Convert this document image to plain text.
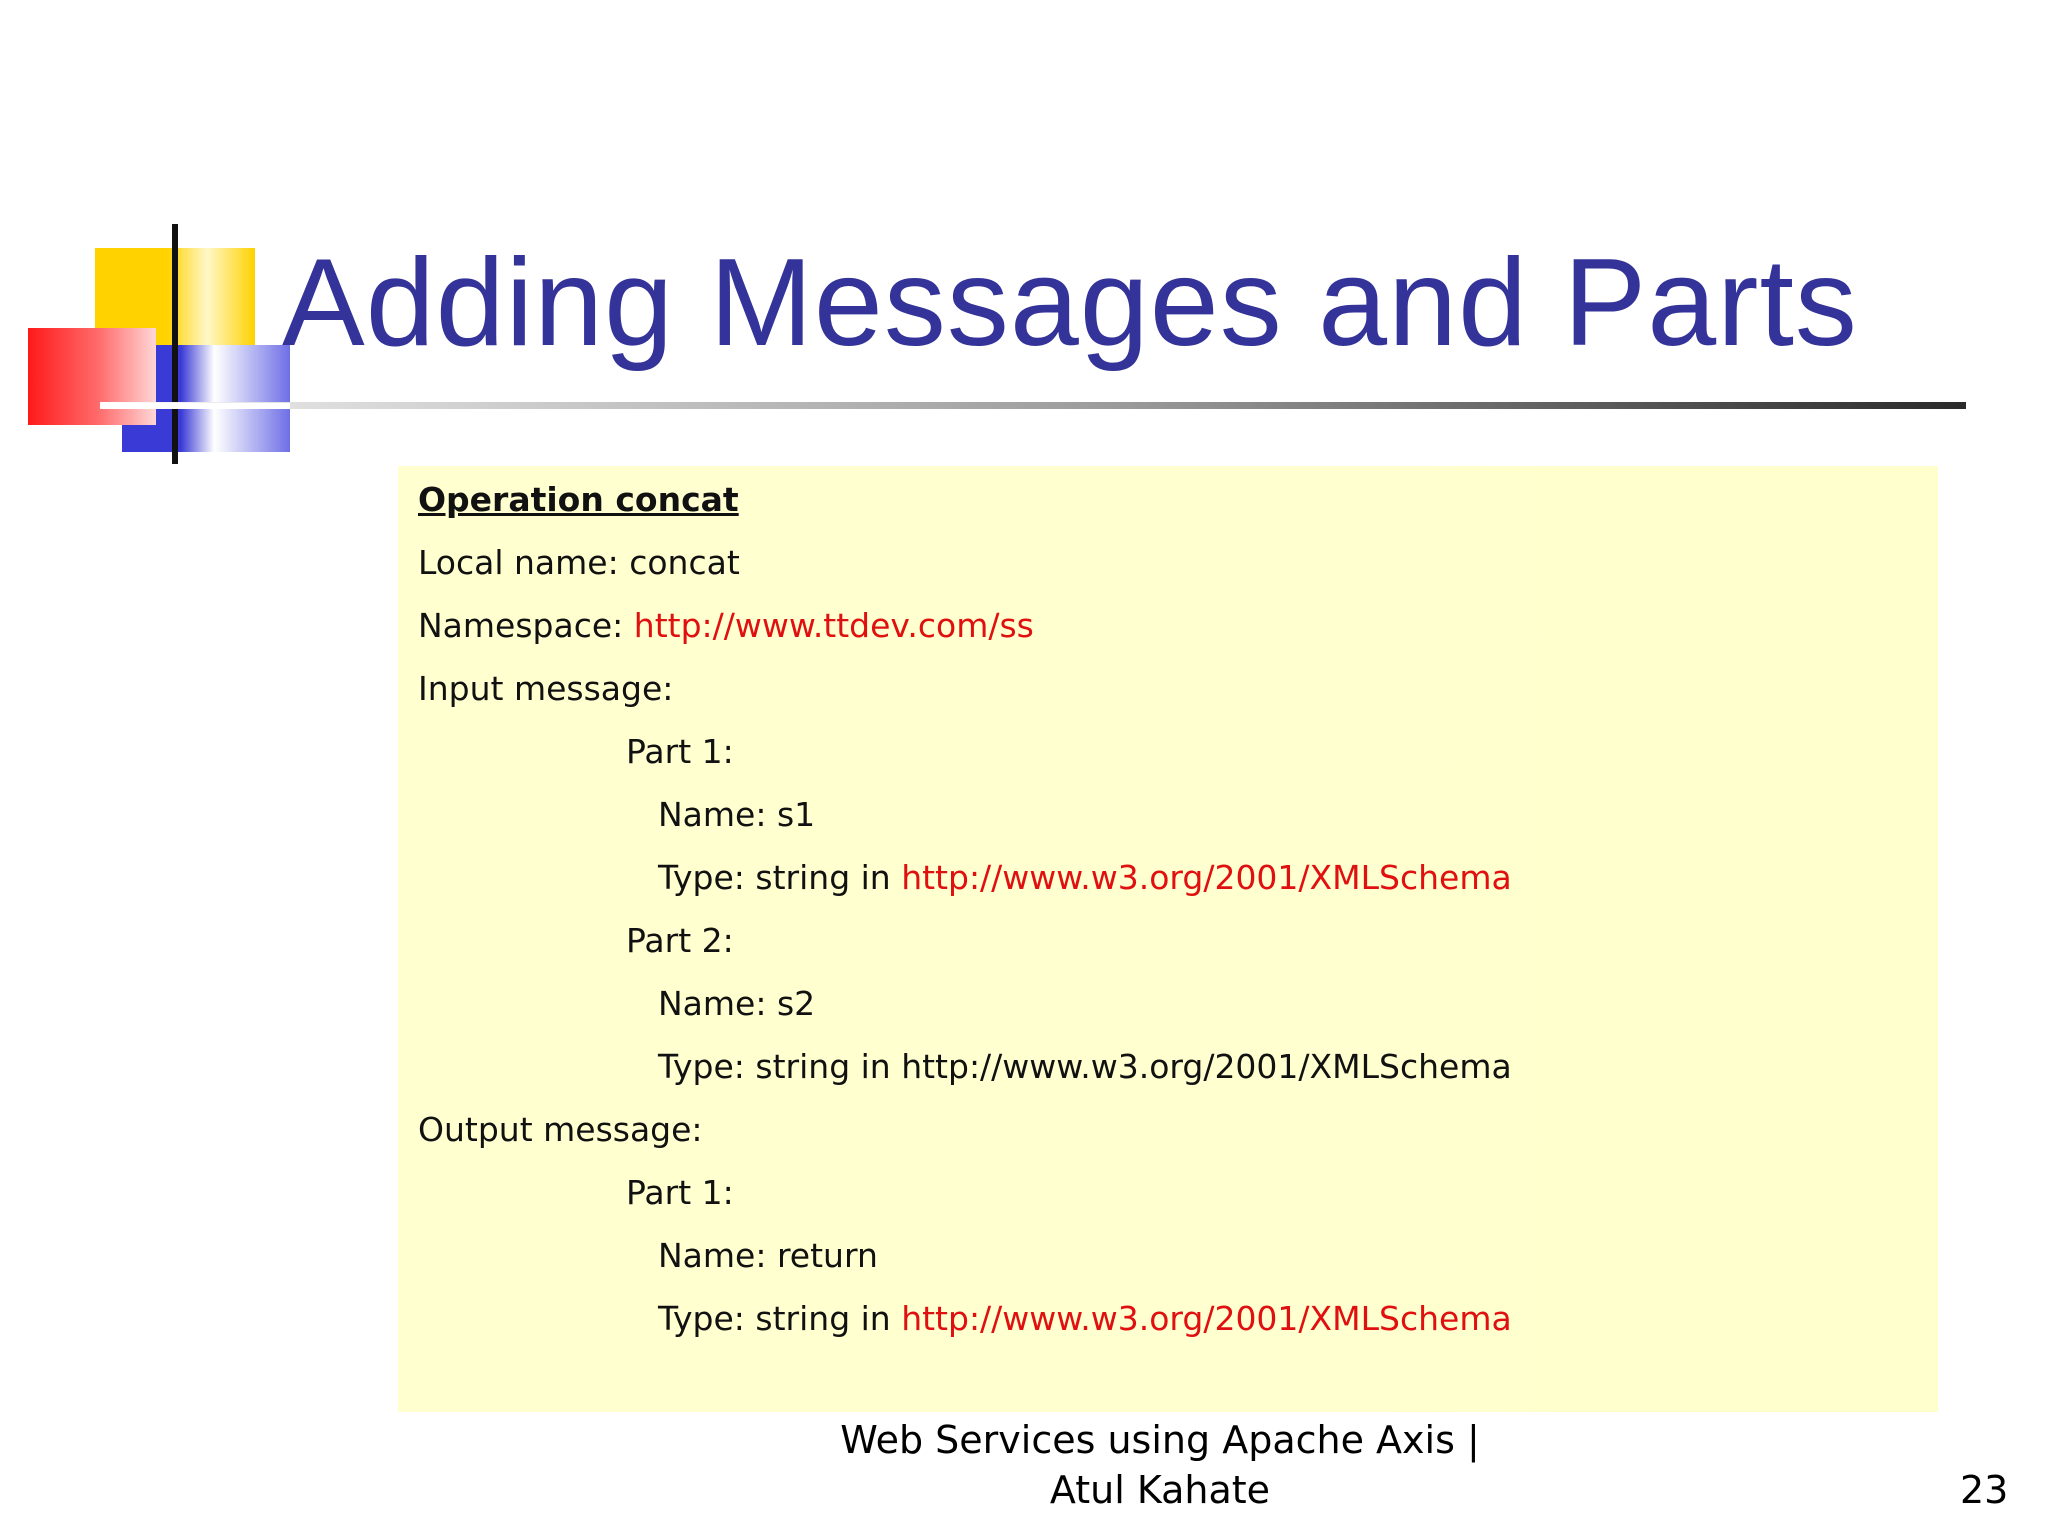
Adding Messages and Parts
Operation concat
Local name: concat
Namespace: http://www.ttdev.com/ss
Input message:
Part 1:
Name: s1
Type: string in http://www.w3.org/2001/XMLSchema
Part 2:
Name: s2
Type: string in http://www.w3.org/2001/XMLSchema
Output message:
Part 1:
Name: return
Type: string in http://www.w3.org/2001/XMLSchema
Web Services using Apache Axis |
Atul Kahate	23
